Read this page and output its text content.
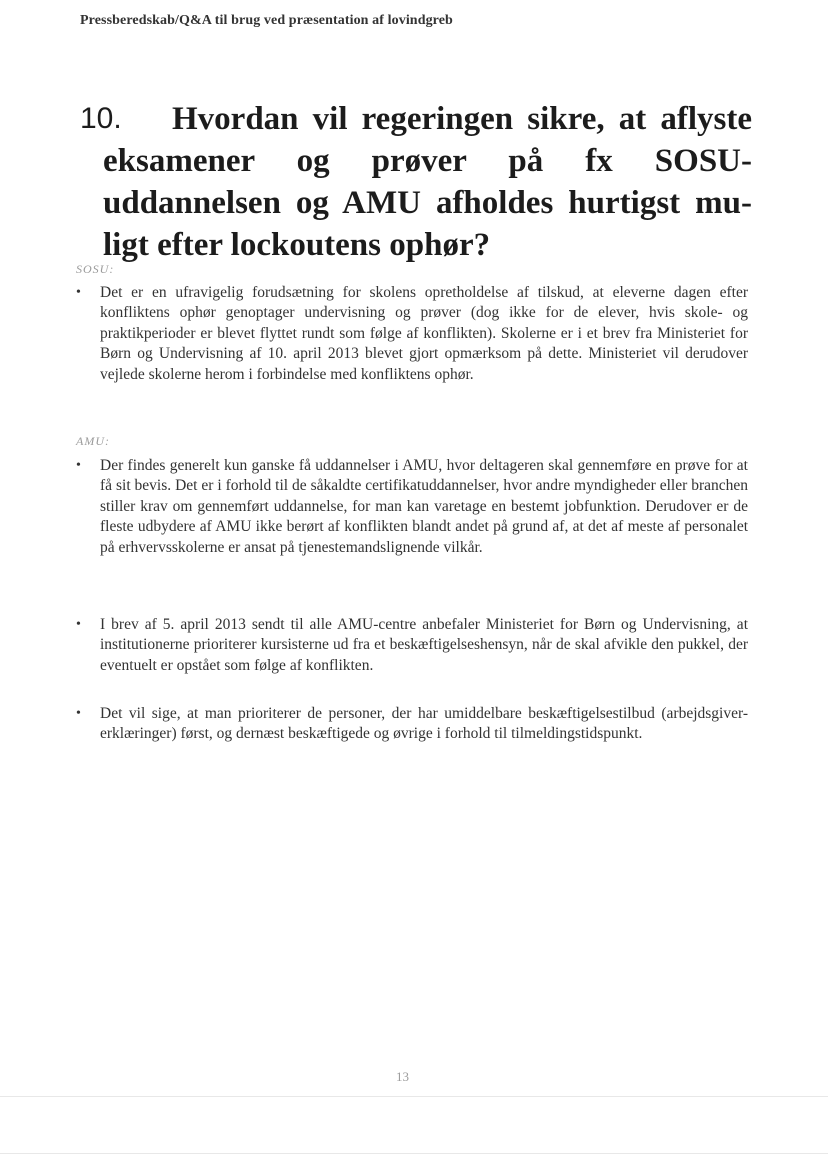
Pressberedskab/Q&A til brug ved præsentation af lovindgreb
10.	Hvordan vil regeringen sikre, at aflyste
eksamener og prøver på fx SOSU-
uddannelsen og AMU afholdes hurtigst mu-
ligt efter lockoutens ophør?
SOSU:
•	Det er en ufravigelig forudsætning for skolens opretholdelse af tilskud, at eleverne dagen efter konfliktens ophør genoptager undervisning og prøver (dog ikke for de elever, hvis skole- og praktikperioder er blevet flyttet rundt som følge af konflikten). Skolerne er i et brev fra Ministeriet for Børn og Undervisning af 10. april 2013 blevet gjort opmærksom på dette. Ministeriet vil derudover vejlede skolerne herom i forbindelse med konfliktens ophør.
AMU:
•	Der findes generelt kun ganske få uddannelser i AMU, hvor deltageren skal gennemføre en prøve for at få sit bevis. Det er i forhold til de såkaldte certifikatuddannelser, hvor andre myndigheder eller branchen stiller krav om gennemført uddannelse, for man kan varetage en bestemt jobfunktion. Derudover er de fleste udbydere af AMU ikke berørt af konflikten blandt andet på grund af, at det af meste af personalet på erhvervsskolerne er ansat på tjenestemandslignende vilkår.
•	I brev af 5. april 2013 sendt til alle AMU-centre anbefaler Ministeriet for Børn og Undervisning, at institutionerne prioriterer kursisterne ud fra et beskæftigelseshensyn, når de skal afvikle den pukkel, der eventuelt er opstået som følge af konflikten.
•	Det vil sige, at man prioriterer de personer, der har umiddelbare beskæftigelsestilbud (arbejdsgiver-erklæringer) først, og dernæst beskæftigede og øvrige i forhold til tilmeldingstidspunkt.
13
